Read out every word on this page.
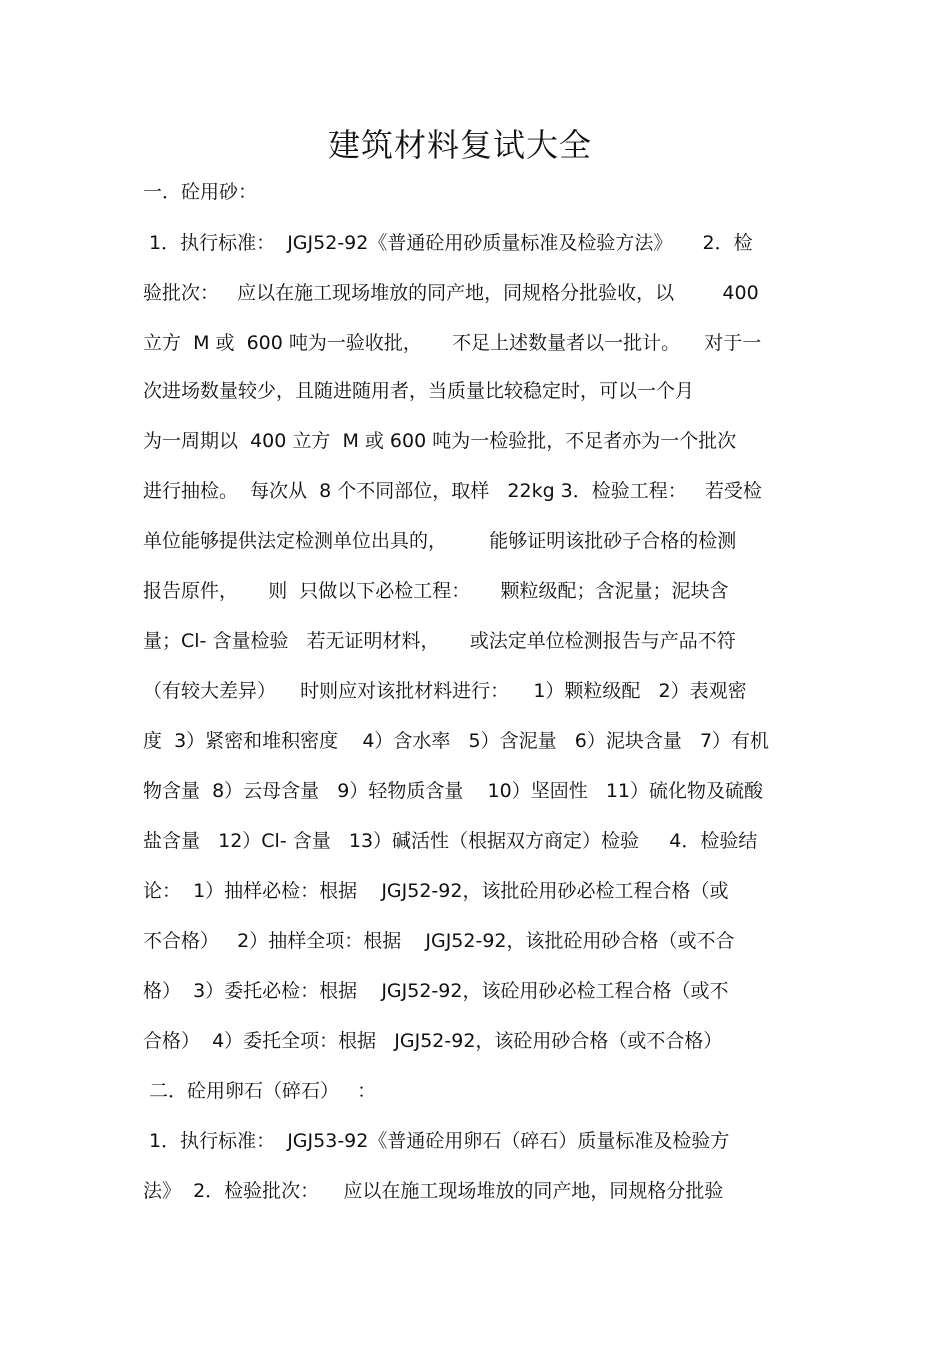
建筑材料复试大全
一．砼用砂：
1．执行标准：  JGJ52-92《普通砼用砂质量标准及检验方法》     2．检
验批次：   应以在施工现场堆放的同产地，同规格分批验收，以        400
立方  M 或  600 吨为一验收批，     不足上述数量者以一批计。    对于一
次进场数量较少，且随进随用者，当质量比较稳定时，可以一个月
为一周期以  400 立方  M 或 600 吨为一检验批，不足者亦为一个批次
进行抽检。  每次从  8 个不同部位，取样   22kg 3．检验工程：   若受检
单位能够提供法定检测单位出具的，       能够证明该批砂子合格的检测
报告原件，     则  只做以下必检工程：     颗粒级配；含泥量；泥块含
量；Cl- 含量检验   若无证明材料，     或法定单位检测报告与产品不符
（有较大差异）    时则应对该批材料进行：    1）颗粒级配   2）表观密
度  3）紧密和堆积密度    4）含水率   5）含泥量   6）泥块含量   7）有机
物含量  8）云母含量   9）轻物质含量    10）坚固性   11）硫化物及硫酸
盐含量   12）Cl- 含量   13）碱活性（根据双方商定）检验     4．检验结
论：  1）抽样必检：根据    JGJ52-92，该批砼用砂必检工程合格（或
不合格）   2）抽样全项：根据    JGJ52-92，该批砼用砂合格（或不合
格）  3）委托必检：根据    JGJ52-92，该砼用砂必检工程合格（或不
合格）  4）委托全项：根据   JGJ52-92，该砼用砂合格（或不合格）
二．砼用卵石（碎石）   ：
1．执行标准：  JGJ53-92《普通砼用卵石（碎石）质量标准及检验方
法》  2．检验批次：    应以在施工现场堆放的同产地，同规格分批验
